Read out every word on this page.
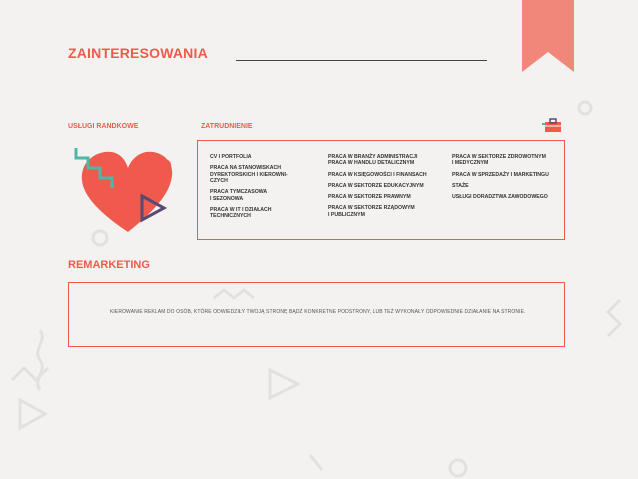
ZAINTERESOWANIA
USŁUGI RANDKOWE	ZATRUDNIENIE
CV I PORTFOLIA
PRACA NA STANOWISKACH
DYREKTORSKICH I KIEROWNI-
CZYCH
PRACA TYMCZASOWA
I SEZONOWA
PRACA W IT I DZIAŁACH
TECHNICZNYCH
PRACA W BRANŻY ADMINISTRACJI
PRACA W HANDLU DETALICZNYM
PRACA W KSIĘGOWOŚCI I FINANSACH
PRACA W SEKTORZE EDUKACYJNYM
PRACA W SEKTORZE PRAWNYM
PRACA W SEKTORZE RZĄDOWYM
I PUBLICZNYM
PRACA W SEKTORZE ZDROWOTNYM
I MEDYCZNYM
PRACA W SPRZEDAŻY I MARKETINGU
STAŻE
USŁUGI DORADZTWA ZAWODOWEGO
REMARKETING
KIEROWANIE REKLAM DO OSÓB, KTÓRE ODWIEDZIŁY TWOJĄ STRONĘ BĄDŹ KONKRETNE PODSTRONY, LUB TEŻ WYKONAŁY ODPOWIEDNIE DZIAŁANIE NA STRONIE.
